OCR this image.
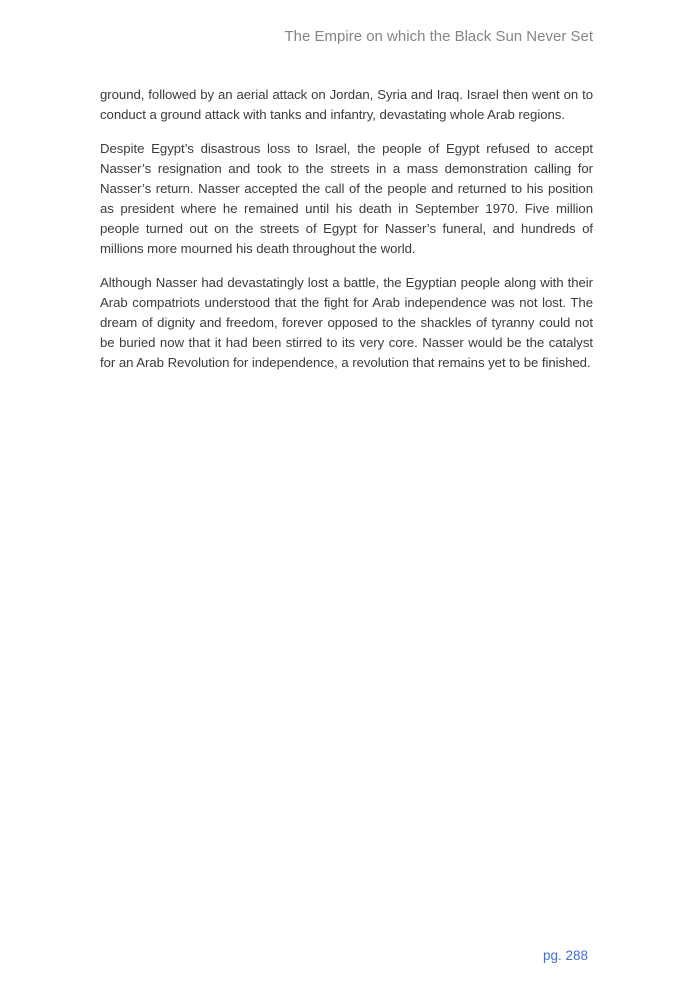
The Empire on which the Black Sun Never Set

ground, followed by an aerial attack on Jordan, Syria and Iraq. Israel then went on to conduct a ground attack with tanks and infantry, devastating whole Arab regions.

Despite Egypt’s disastrous loss to Israel, the people of Egypt refused to accept Nasser’s resignation and took to the streets in a mass demonstration calling for Nasser’s return. Nasser accepted the call of the people and returned to his position as president where he remained until his death in September 1970. Five million people turned out on the streets of Egypt for Nasser’s funeral, and hundreds of millions more mourned his death throughout the world.

Although Nasser had devastatingly lost a battle, the Egyptian people along with their Arab compatriots understood that the fight for Arab independence was not lost. The dream of dignity and freedom, forever opposed to the shackles of tyranny could not be buried now that it had been stirred to its very core. Nasser would be the catalyst for an Arab Revolution for independence, a revolution that remains yet to be finished.

pg. 288
